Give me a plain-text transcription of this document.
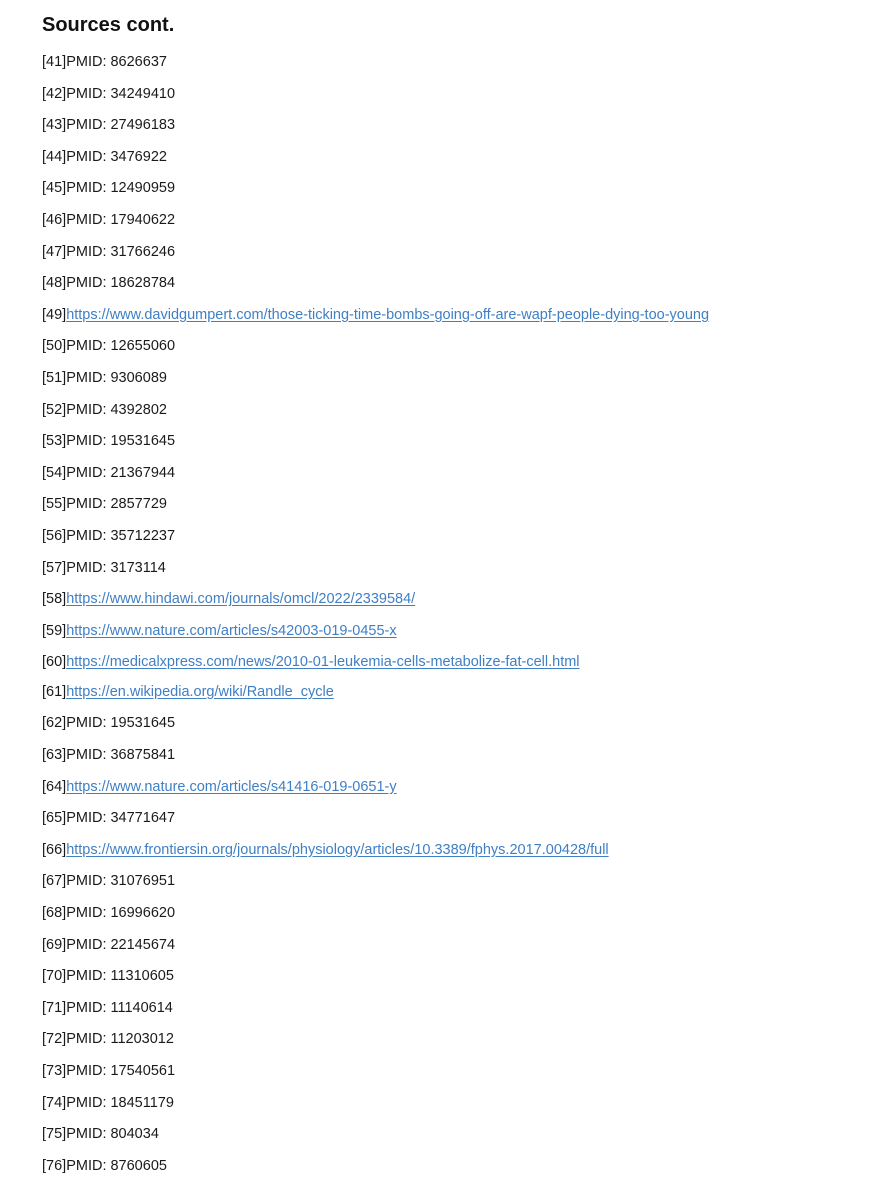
Sources cont.
[41]PMID: 8626637
[42]PMID: 34249410
[43]PMID: 27496183
[44]PMID: 3476922
[45]PMID: 12490959
[46]PMID: 17940622
[47]PMID: 31766246
[48]PMID: 18628784
[49]https://www.davidgumpert.com/those-ticking-time-bombs-going-off-are-wapf-people-dying-too-young
[50]PMID: 12655060
[51]PMID: 9306089
[52]PMID: 4392802
[53]PMID: 19531645
[54]PMID: 21367944
[55]PMID: 2857729
[56]PMID: 35712237
[57]PMID: 3173114
[58]https://www.hindawi.com/journals/omcl/2022/2339584/
[59]https://www.nature.com/articles/s42003-019-0455-x
[60]https://medicalxpress.com/news/2010-01-leukemia-cells-metabolize-fat-cell.html
[61]https://en.wikipedia.org/wiki/Randle_cycle
[62]PMID: 19531645
[63]PMID: 36875841
[64]https://www.nature.com/articles/s41416-019-0651-y
[65]PMID: 34771647
[66]https://www.frontiersin.org/journals/physiology/articles/10.3389/fphys.2017.00428/full
[67]PMID: 31076951
[68]PMID: 16996620
[69]PMID: 22145674
[70]PMID: 11310605
[71]PMID: 11140614
[72]PMID: 11203012
[73]PMID: 17540561
[74]PMID: 18451179
[75]PMID: 804034
[76]PMID: 8760605
